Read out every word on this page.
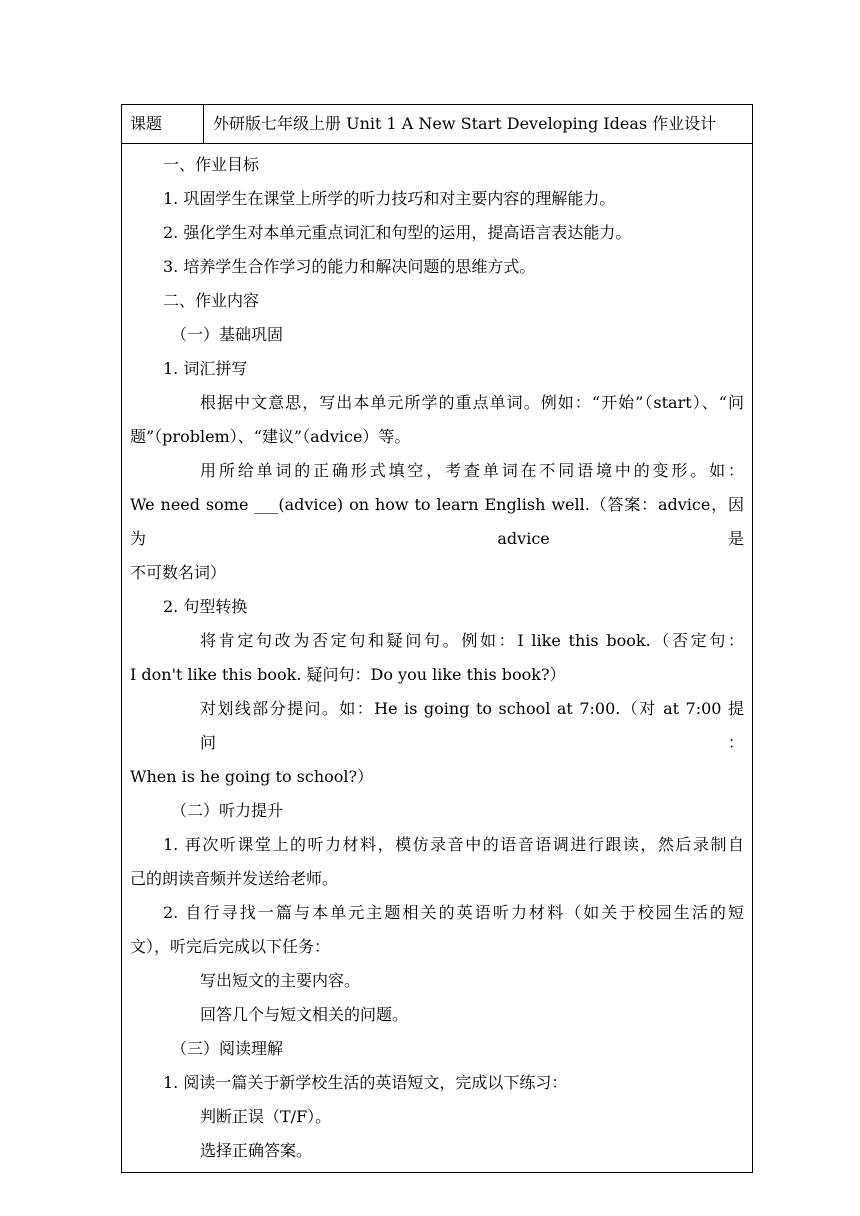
课题	外研版七年级上册 Unit 1 A New Start Developing Ideas 作业设计

一、作业目标

1. 巩固学生在课堂上所学的听力技巧和对主要内容的理解能力。

2. 强化学生对本单元重点词汇和句型的运用，提高语言表达能力。

3. 培养学生合作学习的能力和解决问题的思维方式。

二、作业内容

（一）基础巩固

1. 词汇拼写

根据中文意思，写出本单元所学的重点单词。例如：“开始”（start）、“问

题”（problem）、“建议”（advice）等。

用所给单词的正确形式填空，考查单词在不同语境中的变形。如：

We need some ___(advice) on how to learn English well.（答案：advice，因为 advice 是

不可数名词）

2. 句型转换

将肯定句改为否定句和疑问句。例如：I like this book.（否定句：

I don't like this book. 疑问句：Do you like this book?）

对划线部分提问。如：He is going to school at 7:00.（对 at 7:00 提问：

When is he going to school?）

（二）听力提升

1. 再次听课堂上的听力材料，模仿录音中的语音语调进行跟读，然后录制自

己的朗读音频并发送给老师。

2. 自行寻找一篇与本单元主题相关的英语听力材料（如关于校园生活的短

文），听完后完成以下任务：

写出短文的主要内容。

回答几个与短文相关的问题。

（三）阅读理解

1. 阅读一篇关于新学校生活的英语短文，完成以下练习：

判断正误（T/F）。

选择正确答案。
